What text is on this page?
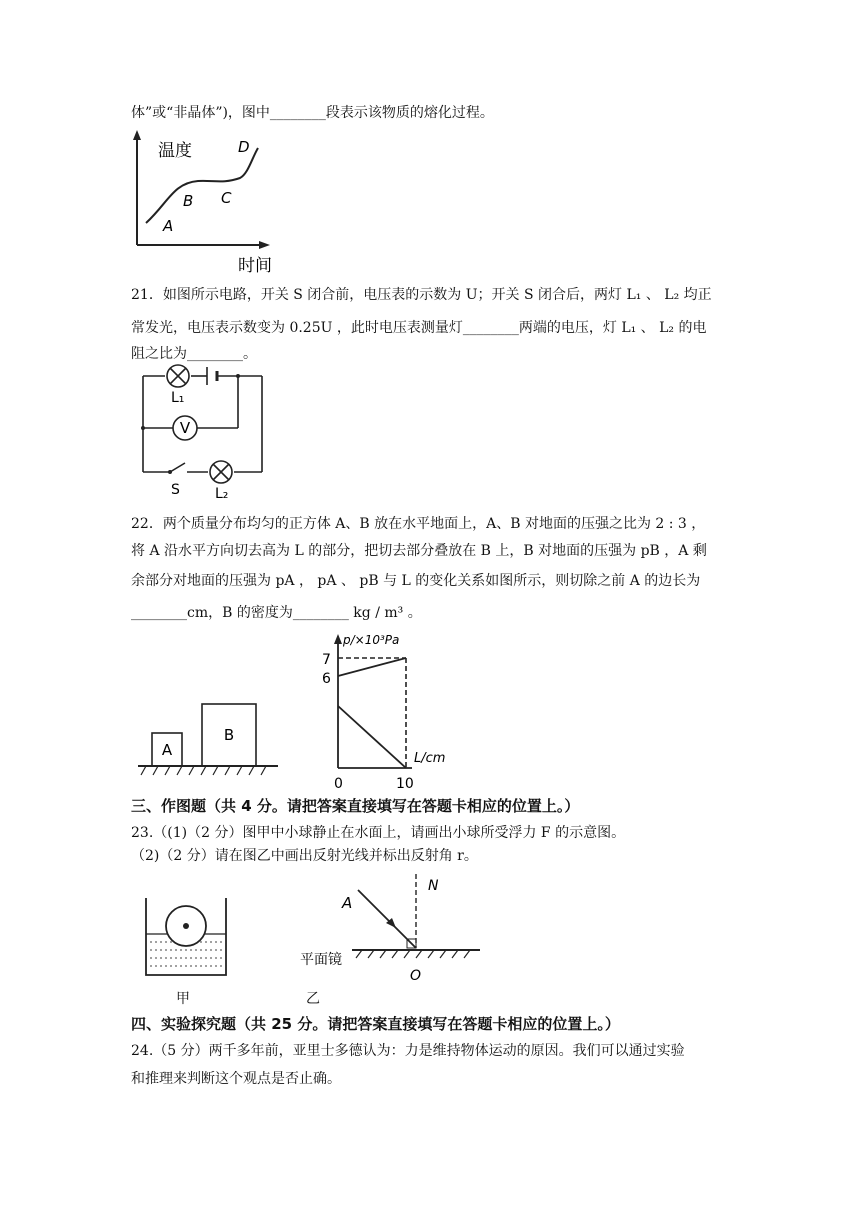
体”或“非晶体”)，图中________段表示该物质的熔化过程。
温度
时间
A
B C
D
21．如图所示电路，开关 S 闭合前，电压表的示数为 U；开关 S 闭合后，两灯 L₁ 、 L₂ 均正
常发光，电压表示数变为 0.25U ，此时电压表测量灯________两端的电压，灯 L₁ 、 L₂ 的电
阻之比为________。
V
L₁
S	L₂
22．两个质量分布均匀的正方体 A、B 放在水平地面上，A、B 对地面的压强之比为 2 : 3 ，
将 A 沿水平方向切去高为 L 的部分，把切去部分叠放在 B 上，B 对地面的压强为 pB ，A 剩
余部分对地面的压强为 pA ， pA 、 pB 与 L 的变化关系如图所示，则切除之前 A 的边长为
________cm，B 的密度为________ kg / m³ 。
A
B
p/×10³Pa
L/cm
7
6
0	10
三、作图题（共 4 分。请把答案直接填写在答题卡相应的位置上。）
23.（(1)（2 分）图甲中小球静止在水面上，请画出小球所受浮力 F 的示意图。
（2)（2 分）请在图乙中画出反射光线并标出反射角 r。
甲
N
A
平面镜
O
乙
四、实验探究题（共 25 分。请把答案直接填写在答题卡相应的位置上。）
24.（5 分）两千多年前，亚里士多德认为：力是维持物体运动的原因。我们可以通过实验
和推理来判断这个观点是否止确。
